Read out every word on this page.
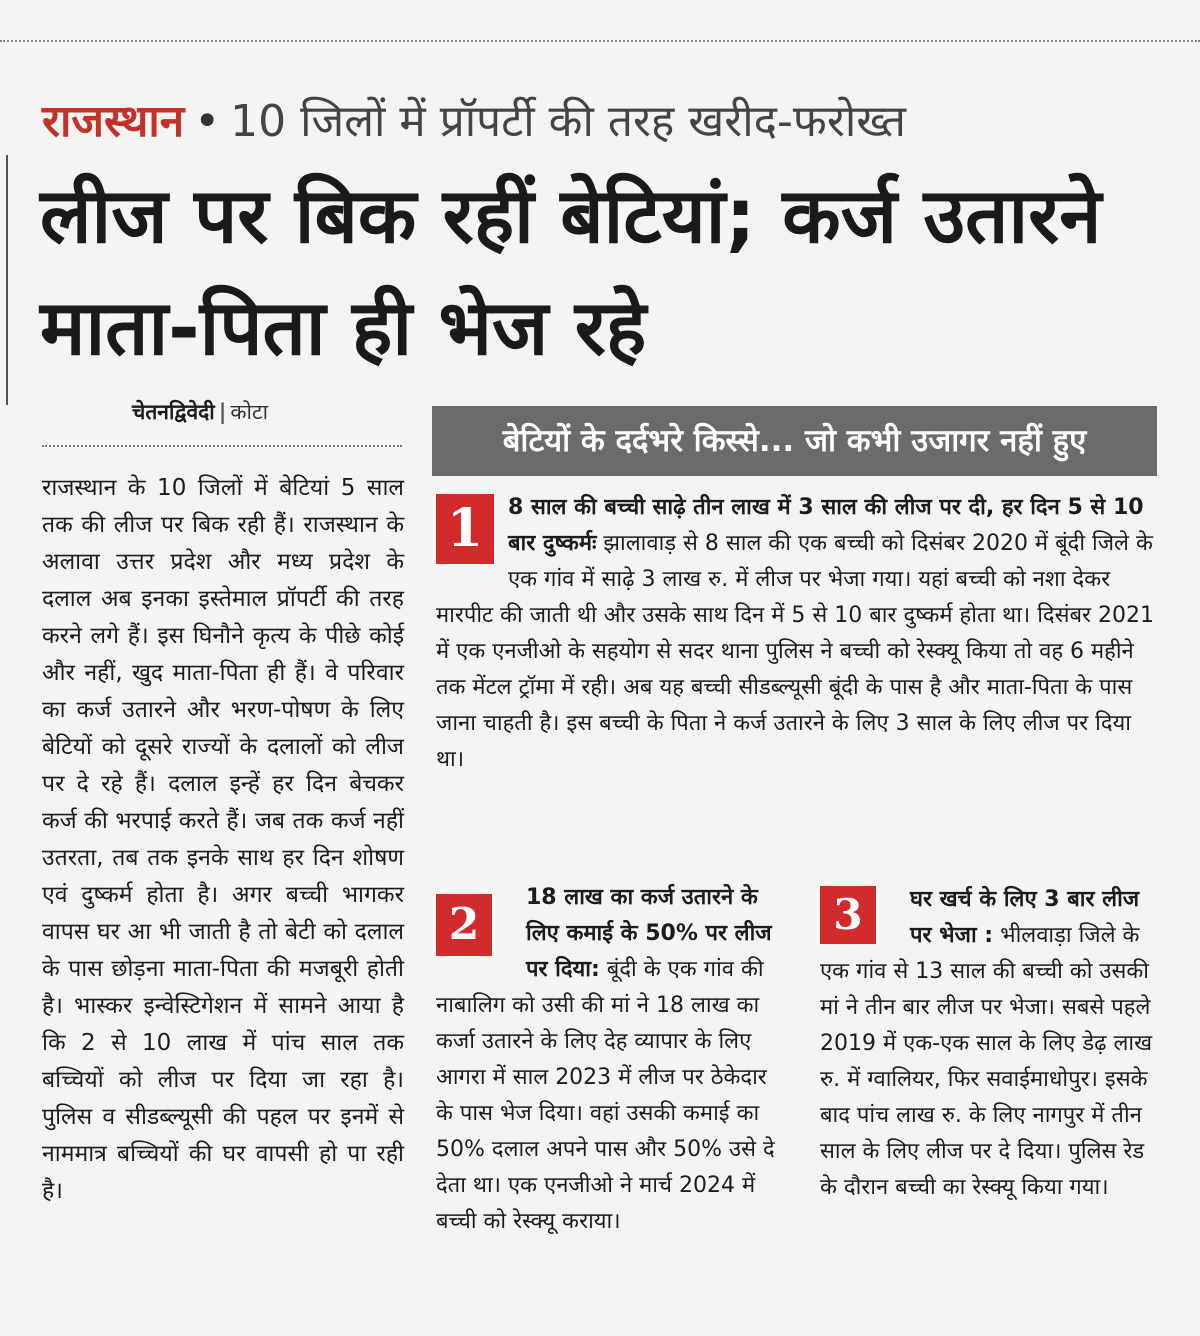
राजस्थान • 10 जिलों में प्रॉपर्टी की तरह खरीद-फरोख्त
लीज पर बिक रहीं बेटियां; कर्ज उतारने माता-पिता ही भेज रहे
चेतनद्विवेदी | कोटा
बेटियों के दर्दभरे किस्से... जो कभी उजागर नहीं हुए
राजस्थान के 10 जिलों में बेटियां 5 साल तक की लीज पर बिक रही हैं। राजस्थान के अलावा उत्तर प्रदेश और मध्य प्रदेश के दलाल अब इनका इस्तेमाल प्रॉपर्टी की तरह करने लगे हैं। इस घिनौने कृत्य के पीछे कोई और नहीं, खुद माता-पिता ही हैं। वे परिवार का कर्ज उतारने और भरण-पोषण के लिए बेटियों को दूसरे राज्यों के दलालों को लीज पर दे रहे हैं। दलाल इन्हें हर दिन बेचकर कर्ज की भरपाई करते हैं। जब तक कर्ज नहीं उतरता, तब तक इनके साथ हर दिन शोषण एवं दुष्कर्म होता है। अगर बच्ची भागकर वापस घर आ भी जाती है तो बेटी को दलाल के पास छोड़ना माता-पिता की मजबूरी होती है। भास्कर इन्वेस्टिगेशन में सामने आया है कि 2 से 10 लाख में पांच साल तक बच्चियों को लीज पर दिया जा रहा है। पुलिस व सीडब्ल्यूसी की पहल पर इनमें से नाममात्र बच्चियों की घर वापसी हो पा रही है।
1	8 साल की बच्ची साढ़े तीन लाख में 3 साल की लीज पर दी, हर दिन 5 से 10 बार दुष्कर्मः झालावाड़ से 8 साल की एक बच्ची को दिसंबर 2020 में बूंदी जिले के एक गांव में साढ़े 3 लाख रु. में लीज पर भेजा गया। यहां बच्ची को नशा देकर मारपीट की जाती थी और उसके साथ दिन में 5 से 10 बार दुष्कर्म होता था। दिसंबर 2021 में एक एनजीओ के सहयोग से सदर थाना पुलिस ने बच्ची को रेस्क्यू किया तो वह 6 महीने तक मेंटल ट्रॉमा में रही। अब यह बच्ची सीडब्ल्यूसी बूंदी के पास है और माता-पिता के पास जाना चाहती है। इस बच्ची के पिता ने कर्ज उतारने के लिए 3 साल के लिए लीज पर दिया था।
2
18 लाख का कर्ज उतारने के लिए कमाई के 50% पर लीज पर दिया: बूंदी के एक गांव की नाबालिग को उसी की मां ने 18 लाख का कर्जा उतारने के लिए देह व्यापार के लिए आगरा में साल 2023 में लीज पर ठेकेदार के पास भेज दिया। वहां उसकी कमाई का 50% दलाल अपने पास और 50% उसे दे देता था। एक एनजीओ ने मार्च 2024 में बच्ची को रेस्क्यू कराया।
3	घर खर्च के लिए 3 बार लीज पर भेजा : भीलवाड़ा जिले के एक गांव से 13 साल की बच्ची को उसकी मां ने तीन बार लीज पर भेजा। सबसे पहले 2019 में एक-एक साल के लिए डेढ़ लाख रु. में ग्वालियर, फिर सवाईमाधोपुर। इसके बाद पांच लाख रु. के लिए नागपुर में तीन साल के लिए लीज पर दे दिया। पुलिस रेड के दौरान बच्ची का रेस्क्यू किया गया।
